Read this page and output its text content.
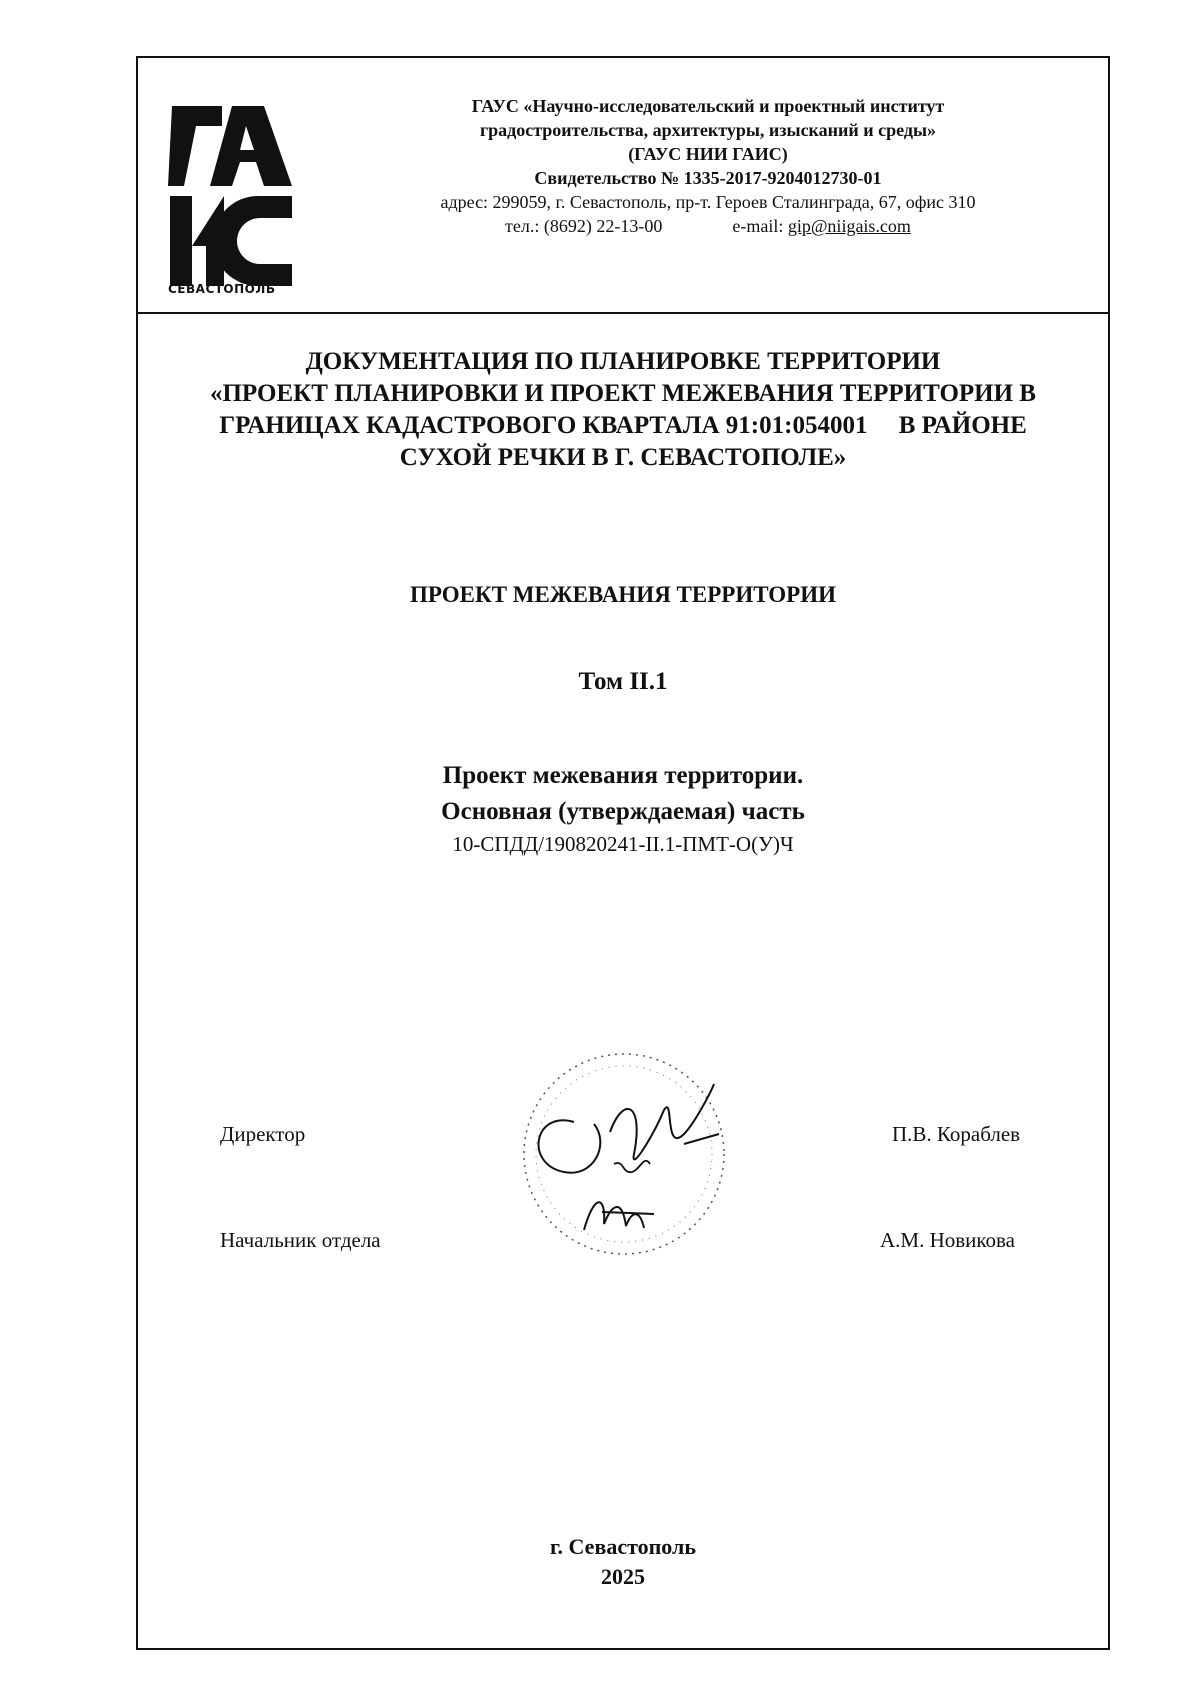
СЕВАСТОПОЛЬ
ГАУС «Научно-исследовательский и проектный институт
градостроительства, архитектуры, изысканий и среды»
(ГАУС НИИ ГАИС)
Свидетельство № 1335-2017-9204012730-01
адрес: 299059, г. Севастополь, пр-т. Героев Сталинграда, 67, офис 310
тел.: (8692) 22-13-00	e-mail: gip@niigais.com
ДОКУМЕНТАЦИЯ ПО ПЛАНИРОВКЕ ТЕРРИТОРИИ
«ПРОЕКТ ПЛАНИРОВКИ И ПРОЕКТ МЕЖЕВАНИЯ ТЕРРИТОРИИ В
ГРАНИЦАХ КАДАСТРОВОГО КВАРТАЛА 91:01:054001     В РАЙОНЕ
СУХОЙ РЕЧКИ В Г. СЕВАСТОПОЛЕ»
ПРОЕКТ МЕЖЕВАНИЯ ТЕРРИТОРИИ
Том II.1
Проект межевания территории.
Основная (утверждаемая) часть
10-СПДД/190820241-II.1-ПМТ-О(У)Ч
Директор	П.В. Кораблев
Начальник отдела	А.М. Новикова
г. Севастополь
2025
